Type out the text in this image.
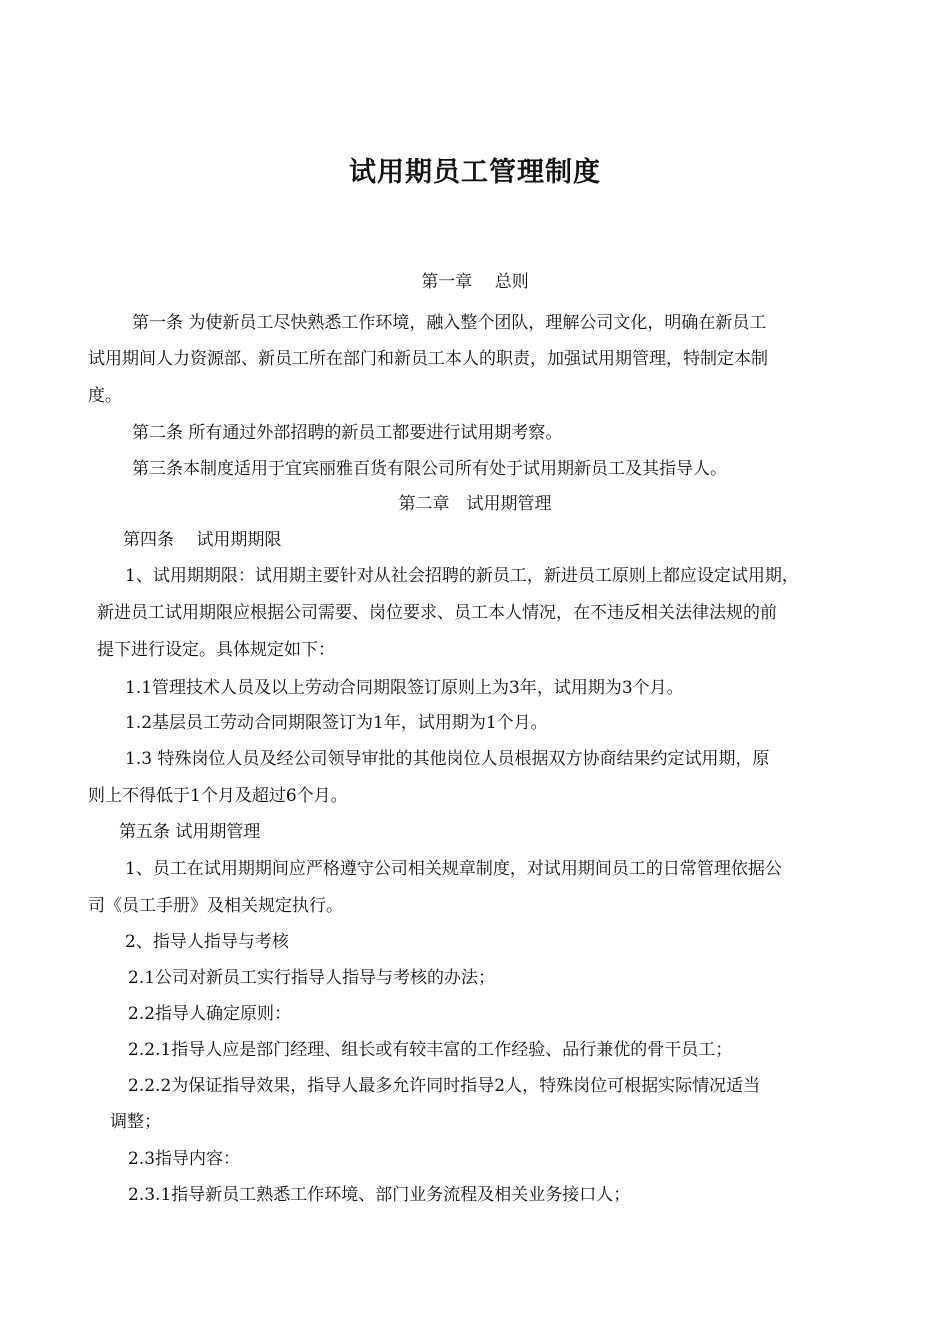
试用期员工管理制度
第一章　 总则
第一条 为使新员工尽快熟悉工作环境，融入整个团队，理解公司文化，明确在新员工
试用期间人力资源部、新员工所在部门和新员工本人的职责，加强试用期管理，特制定本制
度。
第二条 所有通过外部招聘的新员工都要进行试用期考察。
第三条本制度适用于宜宾丽雅百货有限公司所有处于试用期新员工及其指导人。
第二章　试用期管理
第四条　 试用期期限
1、试用期期限：试用期主要针对从社会招聘的新员工，新进员工原则上都应设定试用期，
新进员工试用期限应根据公司需要、岗位要求、员工本人情况，在不违反相关法律法规的前
提下进行设定。具体规定如下：
1.1管理技术人员及以上劳动合同期限签订原则上为3年，试用期为3个月。
1.2基层员工劳动合同期限签订为1年，试用期为1个月。
1.3 特殊岗位人员及经公司领导审批的其他岗位人员根据双方协商结果约定试用期，原
则上不得低于1个月及超过6个月。
第五条 试用期管理
1、员工在试用期期间应严格遵守公司相关规章制度，对试用期间员工的日常管理依据公
司《员工手册》及相关规定执行。
2、指导人指导与考核
2.1公司对新员工实行指导人指导与考核的办法；
2.2指导人确定原则：
2.2.1指导人应是部门经理、组长或有较丰富的工作经验、品行兼优的骨干员工；
2.2.2为保证指导效果，指导人最多允许同时指导2人，特殊岗位可根据实际情况适当
调整；
2.3指导内容：
2.3.1指导新员工熟悉工作环境、部门业务流程及相关业务接口人；
